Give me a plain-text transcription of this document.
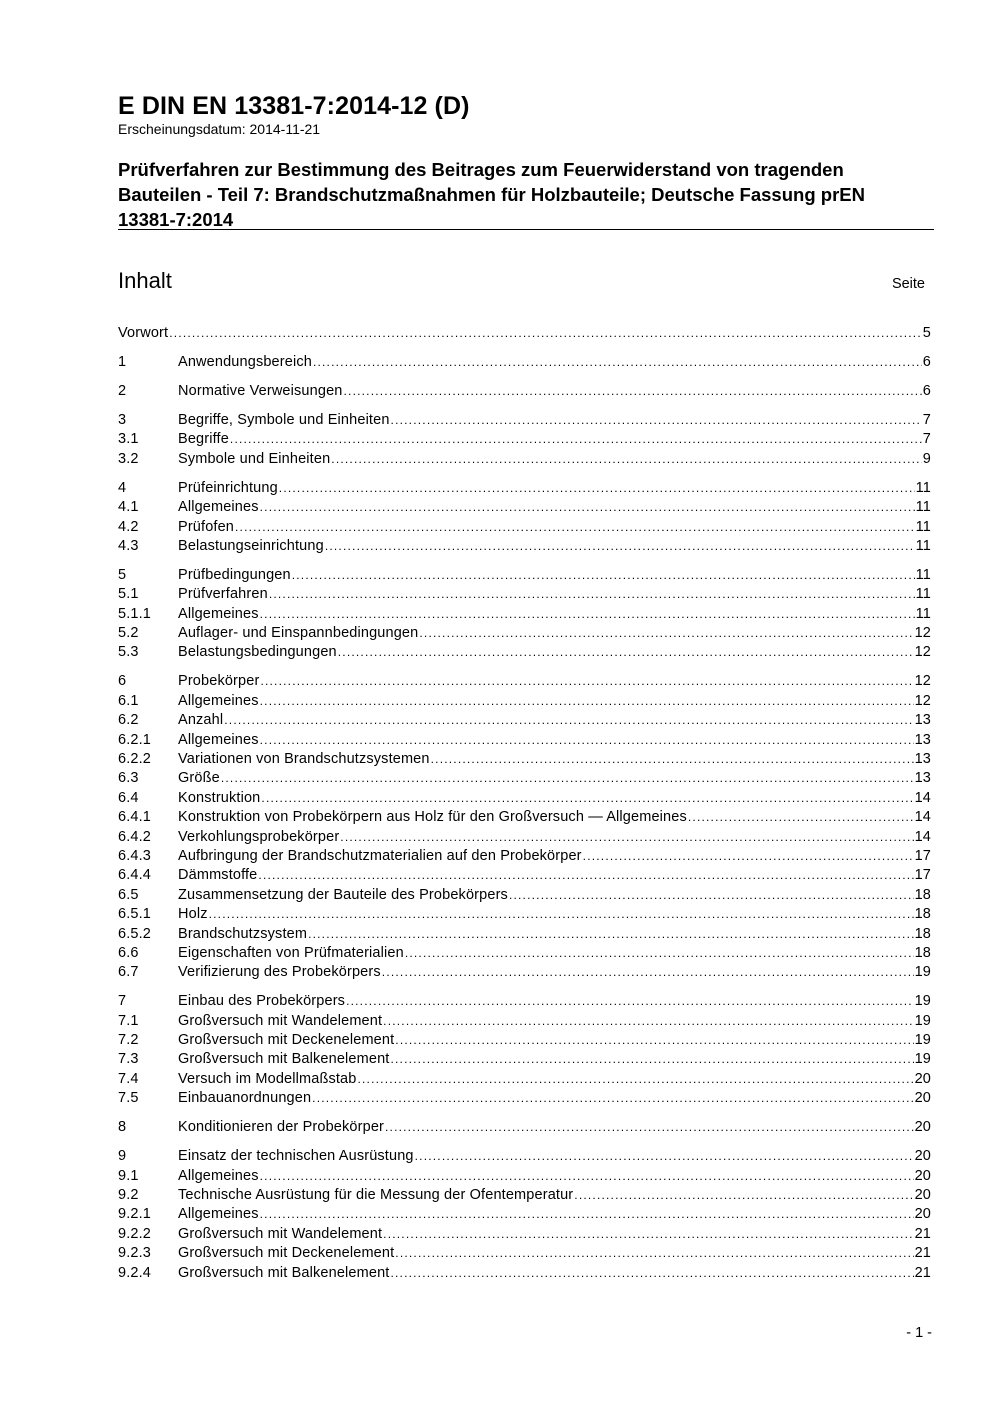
E DIN EN 13381-7:2014-12 (D)
Erscheinungsdatum: 2014-11-21
Prüfverfahren zur Bestimmung des Beitrages zum Feuerwiderstand von tragenden
Bauteilen - Teil 7: Brandschutzmaßnahmen für Holzbauteile; Deutsche Fassung prEN
13381-7:2014
Inhalt	Seite
Vorwort .....	5
1	Anwendungsbereich .....	6
2	Normative Verweisungen .....	6
3	Begriffe, Symbole und Einheiten .....	7
3.1	Begriffe .....	7
3.2	Symbole und Einheiten .....	9
4	Prüfeinrichtung .....	11
4.1	Allgemeines .....	11
4.2	Prüfofen .....	11
4.3	Belastungseinrichtung .....	11
5	Prüfbedingungen .....	11
5.1	Prüfverfahren .....	11
5.1.1	Allgemeines .....	11
5.2	Auflager- und Einspannbedingungen .....	12
5.3	Belastungsbedingungen .....	12
6	Probekörper .....	12
6.1	Allgemeines .....	12
6.2	Anzahl .....	13
6.2.1	Allgemeines .....	13
6.2.2	Variationen von Brandschutzsystemen .....	13
6.3	Größe .....	13
6.4	Konstruktion .....	14
6.4.1	Konstruktion von Probekörpern aus Holz für den Großversuch — Allgemeines .....	14
6.4.2	Verkohlungsprobekörper .....	14
6.4.3	Aufbringung der Brandschutzmaterialien auf den Probekörper .....	17
6.4.4	Dämmstoffe .....	17
6.5	Zusammensetzung der Bauteile des Probekörpers .....	18
6.5.1	Holz .....	18
6.5.2	Brandschutzsystem .....	18
6.6	Eigenschaften von Prüfmaterialien .....	18
6.7	Verifizierung des Probekörpers .....	19
7	Einbau des Probekörpers .....	19
7.1	Großversuch mit Wandelement .....	19
7.2	Großversuch mit Deckenelement .....	19
7.3	Großversuch mit Balkenelement .....	19
7.4	Versuch im Modellmaßstab .....	20
7.5	Einbauanordnungen .....	20
8	Konditionieren der Probekörper .....	20
9	Einsatz der technischen Ausrüstung .....	20
9.1	Allgemeines .....	20
9.2	Technische Ausrüstung für die Messung der Ofentemperatur .....	20
9.2.1	Allgemeines .....	20
9.2.2	Großversuch mit Wandelement .....	21
9.2.3	Großversuch mit Deckenelement .....	21
9.2.4	Großversuch mit Balkenelement .....	21
- 1 -
